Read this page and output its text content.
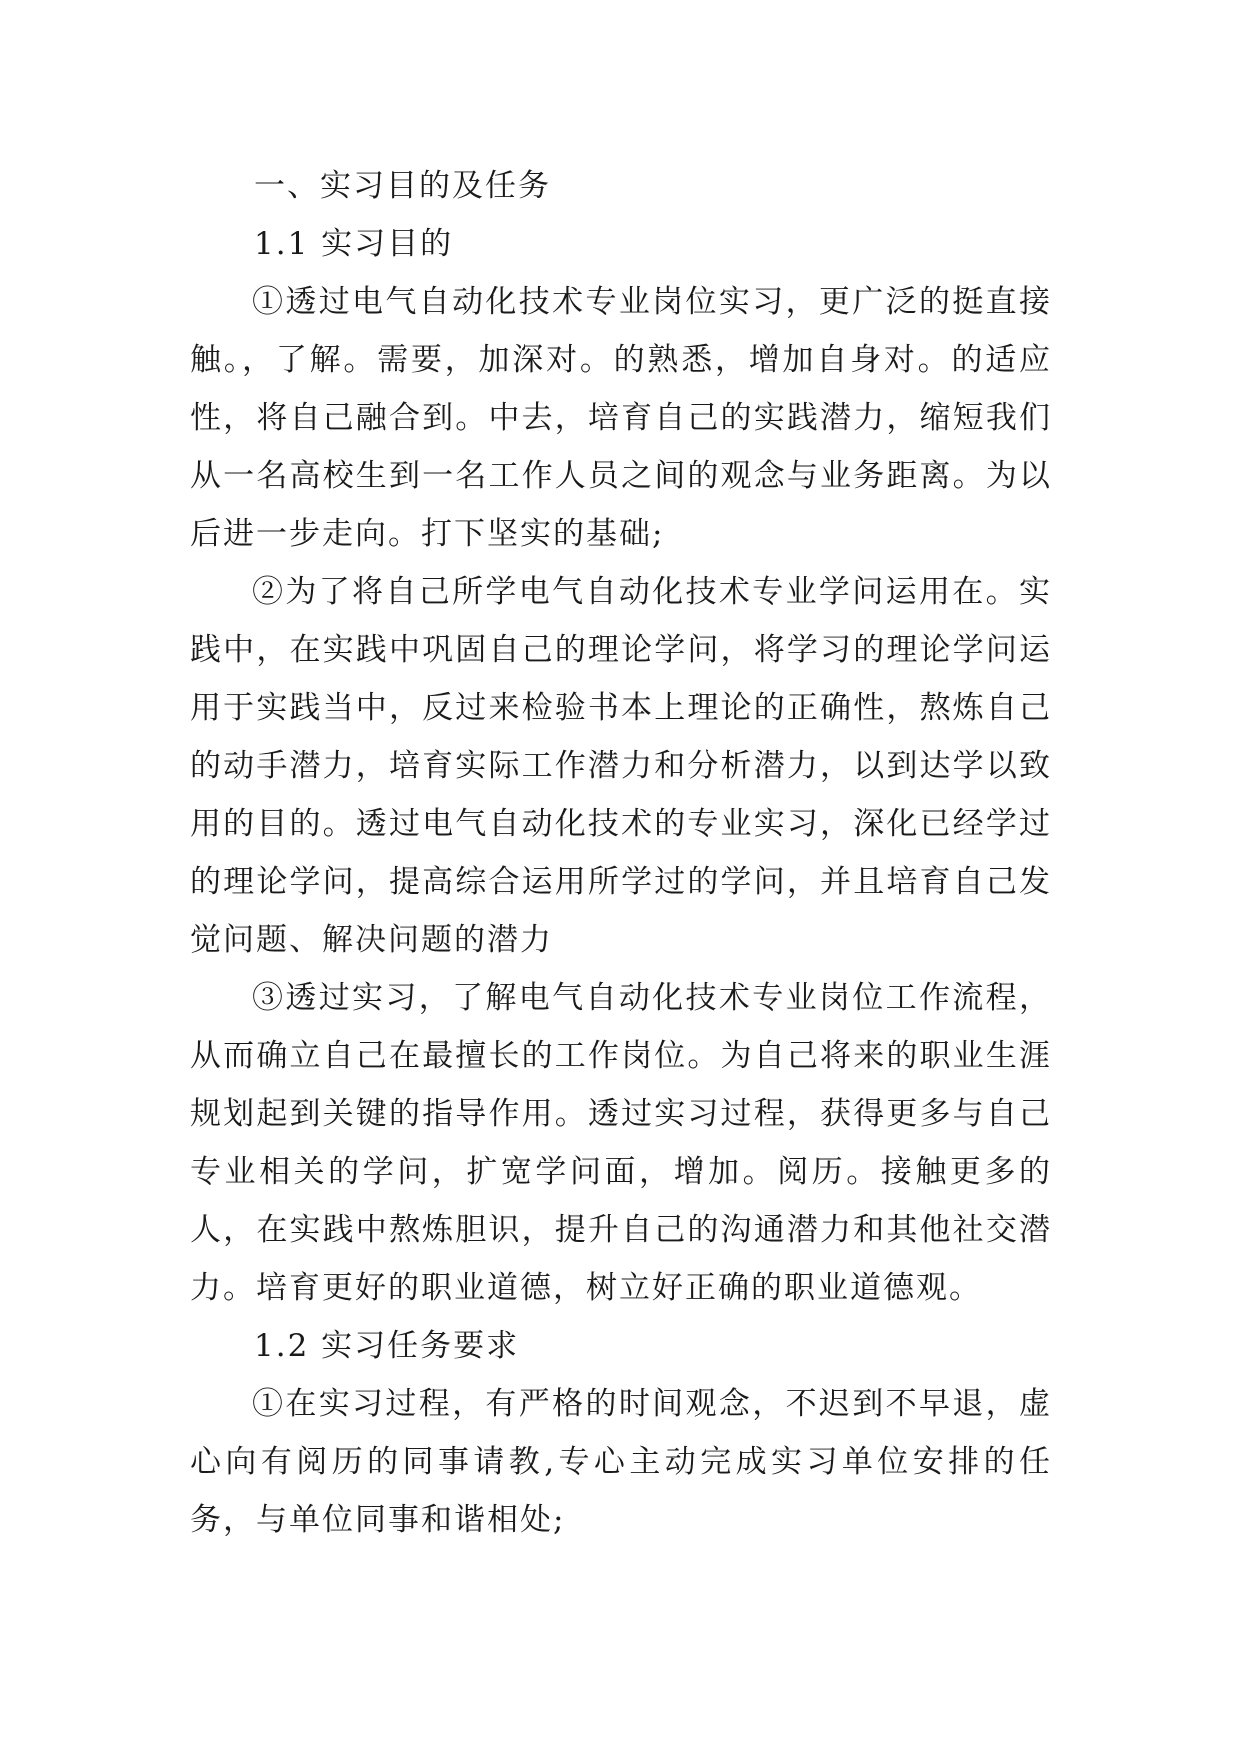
一、实习目的及任务
1.1 实习目的

①透过电气自动化技术专业岗位实习，更广泛的挺直接触。，了解。需要，加深对。的熟悉，增加自身对。的适应性，将自己融合到。中去，培育自己的实践潜力，缩短我们从一名高校生到一名工作人员之间的观念与业务距离。为以后进一步走向。打下坚实的基础;

②为了将自己所学电气自动化技术专业学问运用在。实践中，在实践中巩固自己的理论学问，将学习的理论学问运用于实践当中，反过来检验书本上理论的正确性，熬炼自己的动手潜力，培育实际工作潜力和分析潜力，以到达学以致用的目的。透过电气自动化技术的专业实习，深化已经学过的理论学问，提高综合运用所学过的学问，并且培育自己发觉问题、解决问题的潜力

③透过实习，了解电气自动化技术专业岗位工作流程，从而确立自己在最擅长的工作岗位。为自己将来的职业生涯规划起到关键的指导作用。透过实习过程，获得更多与自己专业相关的学问，扩宽学问面，增加。阅历。接触更多的人，在实践中熬炼胆识，提升自己的沟通潜力和其他社交潜力。培育更好的职业道德，树立好正确的职业道德观。

1.2 实习任务要求

①在实习过程，有严格的时间观念，不迟到不早退，虚心向有阅历的同事请教,专心主动完成实习单位安排的任务，与单位同事和谐相处;
